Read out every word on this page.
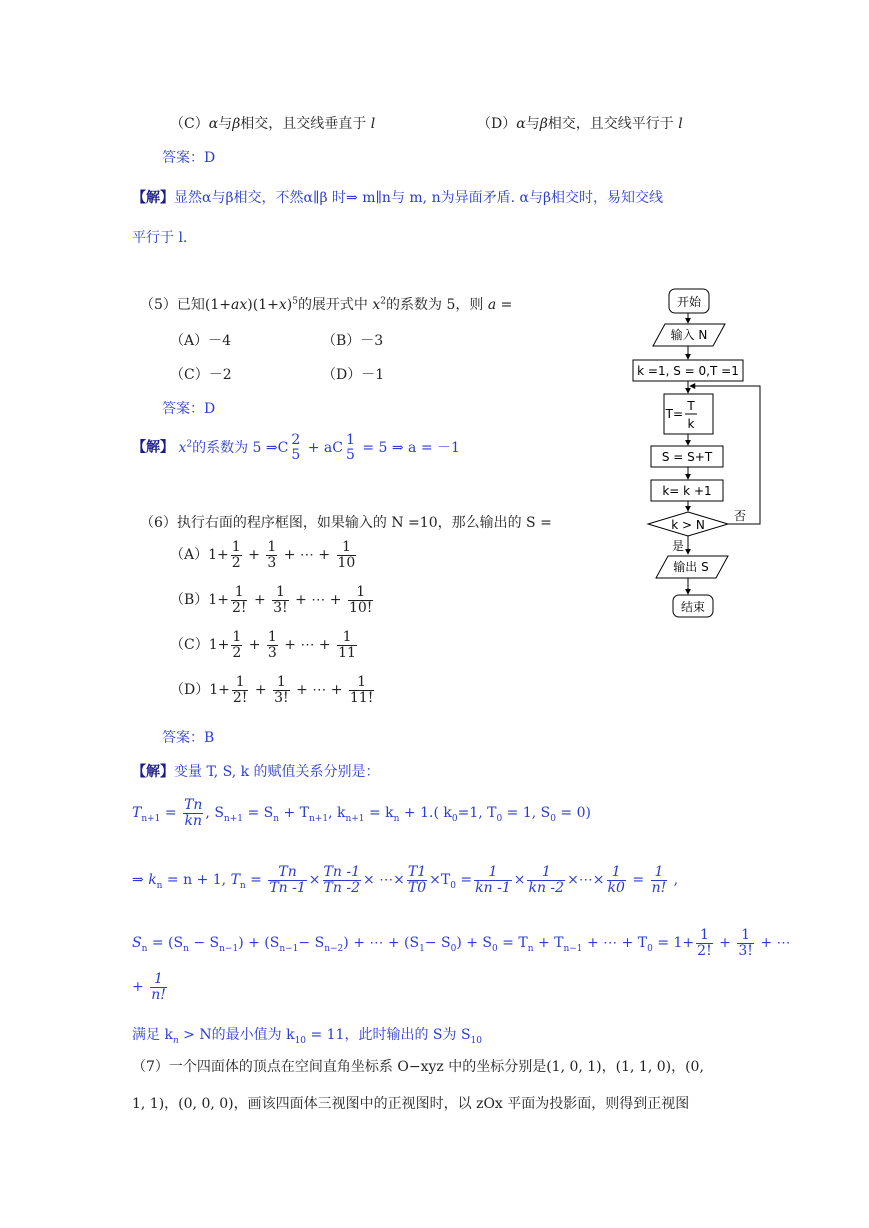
（C）α与β相交，且交线垂直于 l	（D）α与β相交，且交线平行于 l
答案：D
【解】显然α与β相交，不然α∥β 时⇒ m∥n与 m, n为异面矛盾. α与β相交时，易知交线
平行于 l.
（5）已知$(1+ax)(1+x)^5$的展开式中 $x^2$的系数为 5，则 a =
（A）－4	（B）－3
（C）－2	（D）－1
答案：D
【解】 $x^2$的系数为 5 ⇒C 2
5 + aC 1
5 = 5 ⇒ a = －1
（6）执行右面的程序框图，如果输入的 N =10，那么输出的 S =
$(A)1+ \frac{1}{2} + \frac{1}{3}$ + ⋯ + $\frac{1}{10}$
$(B)1+ \frac{1}{2!} + \frac{1}{3!}$ + ⋯ + $\frac{1}{10!}$
$(C)1+ \frac{1}{2} + \frac{1}{3}$ + ⋯ + $\frac{1}{11}$
$(D)1+ \frac{1}{2!} + \frac{1}{3!}$ + ⋯ + $\frac{1}{11!}$
答案：B
【解】变量 T, S, k 的赋值关系分别是：
$T_{n+1} = \frac{Tn}{kn}$ , $S_{n+1} = S_n + T_{n+1}$, $k_{n+1} = k_n + 1$.( $k_0=1$, $T_0 = 1$, $S_0 = 0$)
⇒ $k_n = n + 1$, $T_n = \frac{Tn}{Tn -1} \times \frac{Tn -1}{Tn -2}$ × ⋯× $\frac{T1}{T0} \times T_0 = \frac{1}{kn -1} \times \frac{1}{kn -2}$ ×⋯× $\frac{1}{k0} = \frac{1}{n!}$ ,
$S_n = (S_n - S_{n-1}) + (S_{n-1}- S_{n-2})$ + ⋯ + $(S_1- S_0) + S_0 = T_n + T_{n-1}$ + ⋯ + $T_0 = 1+ \frac{1}{2!} + \frac{1}{3!}$ + ⋯
+ $\frac{1}{n!}$
满足 $k_n > N$的最小值为 $k_{10} = 11$，此时输出的 S为 $S_{10}$
（7）一个四面体的顶点在空间直角坐标系 O−xyz 中的坐标分别是(1, 0, 1)，(1, 1, 0)，(0,
1, 1)，(0, 0, 0)，画该四面体三视图中的正视图时，以 zOx 平面为投影面，则得到正视图
开始
输入 N
k =1, S = 0,T =1
T=
T
k
S = S+T
k= k +1
k > N
否
是
输出 S
结束
